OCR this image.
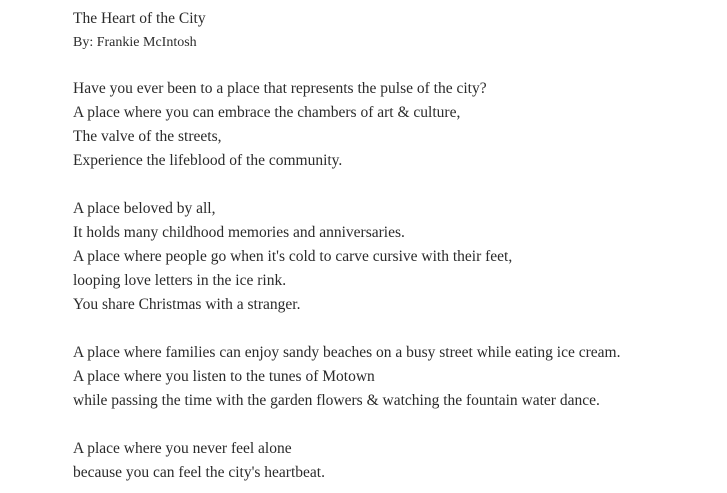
The Heart of the City

By: Frankie McIntosh

Have you ever been to a place that represents the pulse of the city?
A place where you can embrace the chambers of art & culture,
The valve of the streets,
Experience the lifeblood of the community.
A place beloved by all,
It holds many childhood memories and anniversaries.
A place where people go when it's cold to carve cursive with their feet,
looping love letters in the ice rink.
You share Christmas with a stranger.
A place where families can enjoy sandy beaches on a busy street while eating ice cream.
A place where you listen to the tunes of Motown
while passing the time with the garden flowers & watching the fountain water dance.
A place where you never feel alone
because you can feel the city's heartbeat.
